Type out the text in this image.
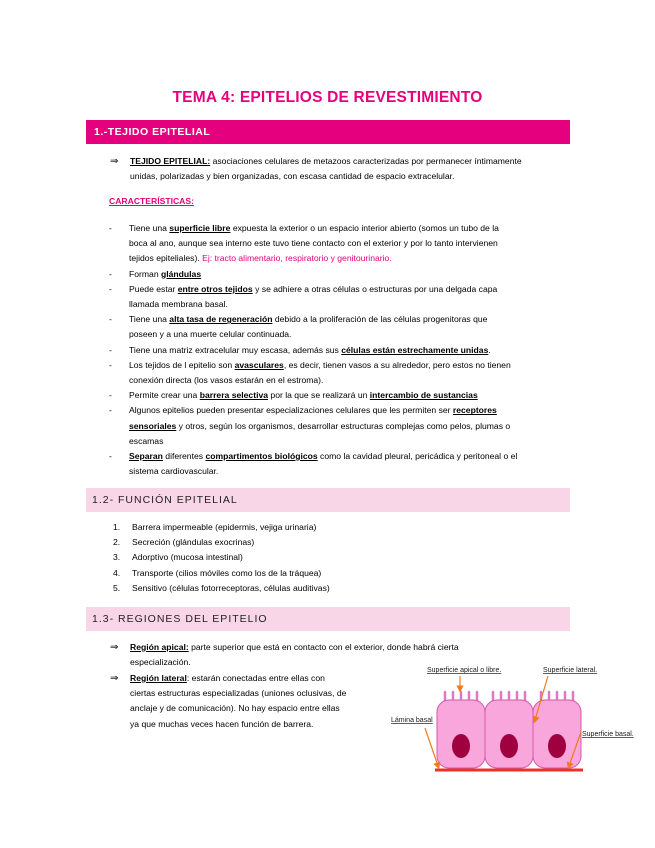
TEMA 4: EPITELIOS DE REVESTIMIENTO
1.-TEJIDO EPITELIAL
⇒ TEJIDO EPITELIAL: asociaciones celulares de metazoos caracterizadas por permanecer íntimamente
unidas, polarizadas y bien organizadas, con escasa cantidad de espacio extracelular.
CARACTERÍSTICAS:
- Tiene una superficie libre expuesta la exterior o un espacio interior abierto (somos un tubo de la
boca al ano, aunque sea interno este tuvo tiene contacto con el exterior y por lo tanto intervienen
tejidos epiteliales). Ej: tracto alimentario, respiratorio y genitourinario.
- Forman glándulas
- Puede estar entre otros tejidos y se adhiere a otras células o estructuras por una delgada capa
llamada membrana basal.
- Tiene una alta tasa de regeneración debido a la proliferación de las células progenitoras que
poseen y a una muerte celular continuada.
- Tiene una matriz extracelular muy escasa, además sus células están estrechamente unidas.
- Los tejidos de l epitelio son avasculares, es decir, tienen vasos a su alrededor, pero estos no tienen
conexión directa (los vasos estarán en el estroma).
- Permite crear una barrera selectiva por la que se realizará un intercambio de sustancias
- Algunos epitelios pueden presentar especializaciones celulares que les permiten ser receptores
sensoriales y otros, según los organismos, desarrollar estructuras complejas como pelos, plumas o
escamas
- Separan diferentes compartimentos biológicos como la cavidad pleural, pericádica y peritoneal o el
sistema cardiovascular.
1.2- FUNCIÓN EPITELIAL
1. Barrera impermeable (epidermis, vejiga urinaria)
2. Secreción (glándulas exocrinas)
3. Adorptivo (mucosa intestinal)
4. Transporte (cilios móviles como los de la tráquea)
5. Sensitivo (células fotorreceptoras, células auditivas)
1.3- REGIONES DEL EPITELIO
⇒ Región apical: parte superior que está en contacto con el exterior, donde habrá cierta
especialización.
⇒ Región lateral: estarán conectadas entre ellas con
ciertas estructuras especializadas (uniones oclusivas, de
anclaje y de comunicación). No hay espacio entre ellas
ya que muchas veces hacen función de barrera.
Superficie apical o libre.	Superficie lateral.
Lámina basal
Superficie basal.
